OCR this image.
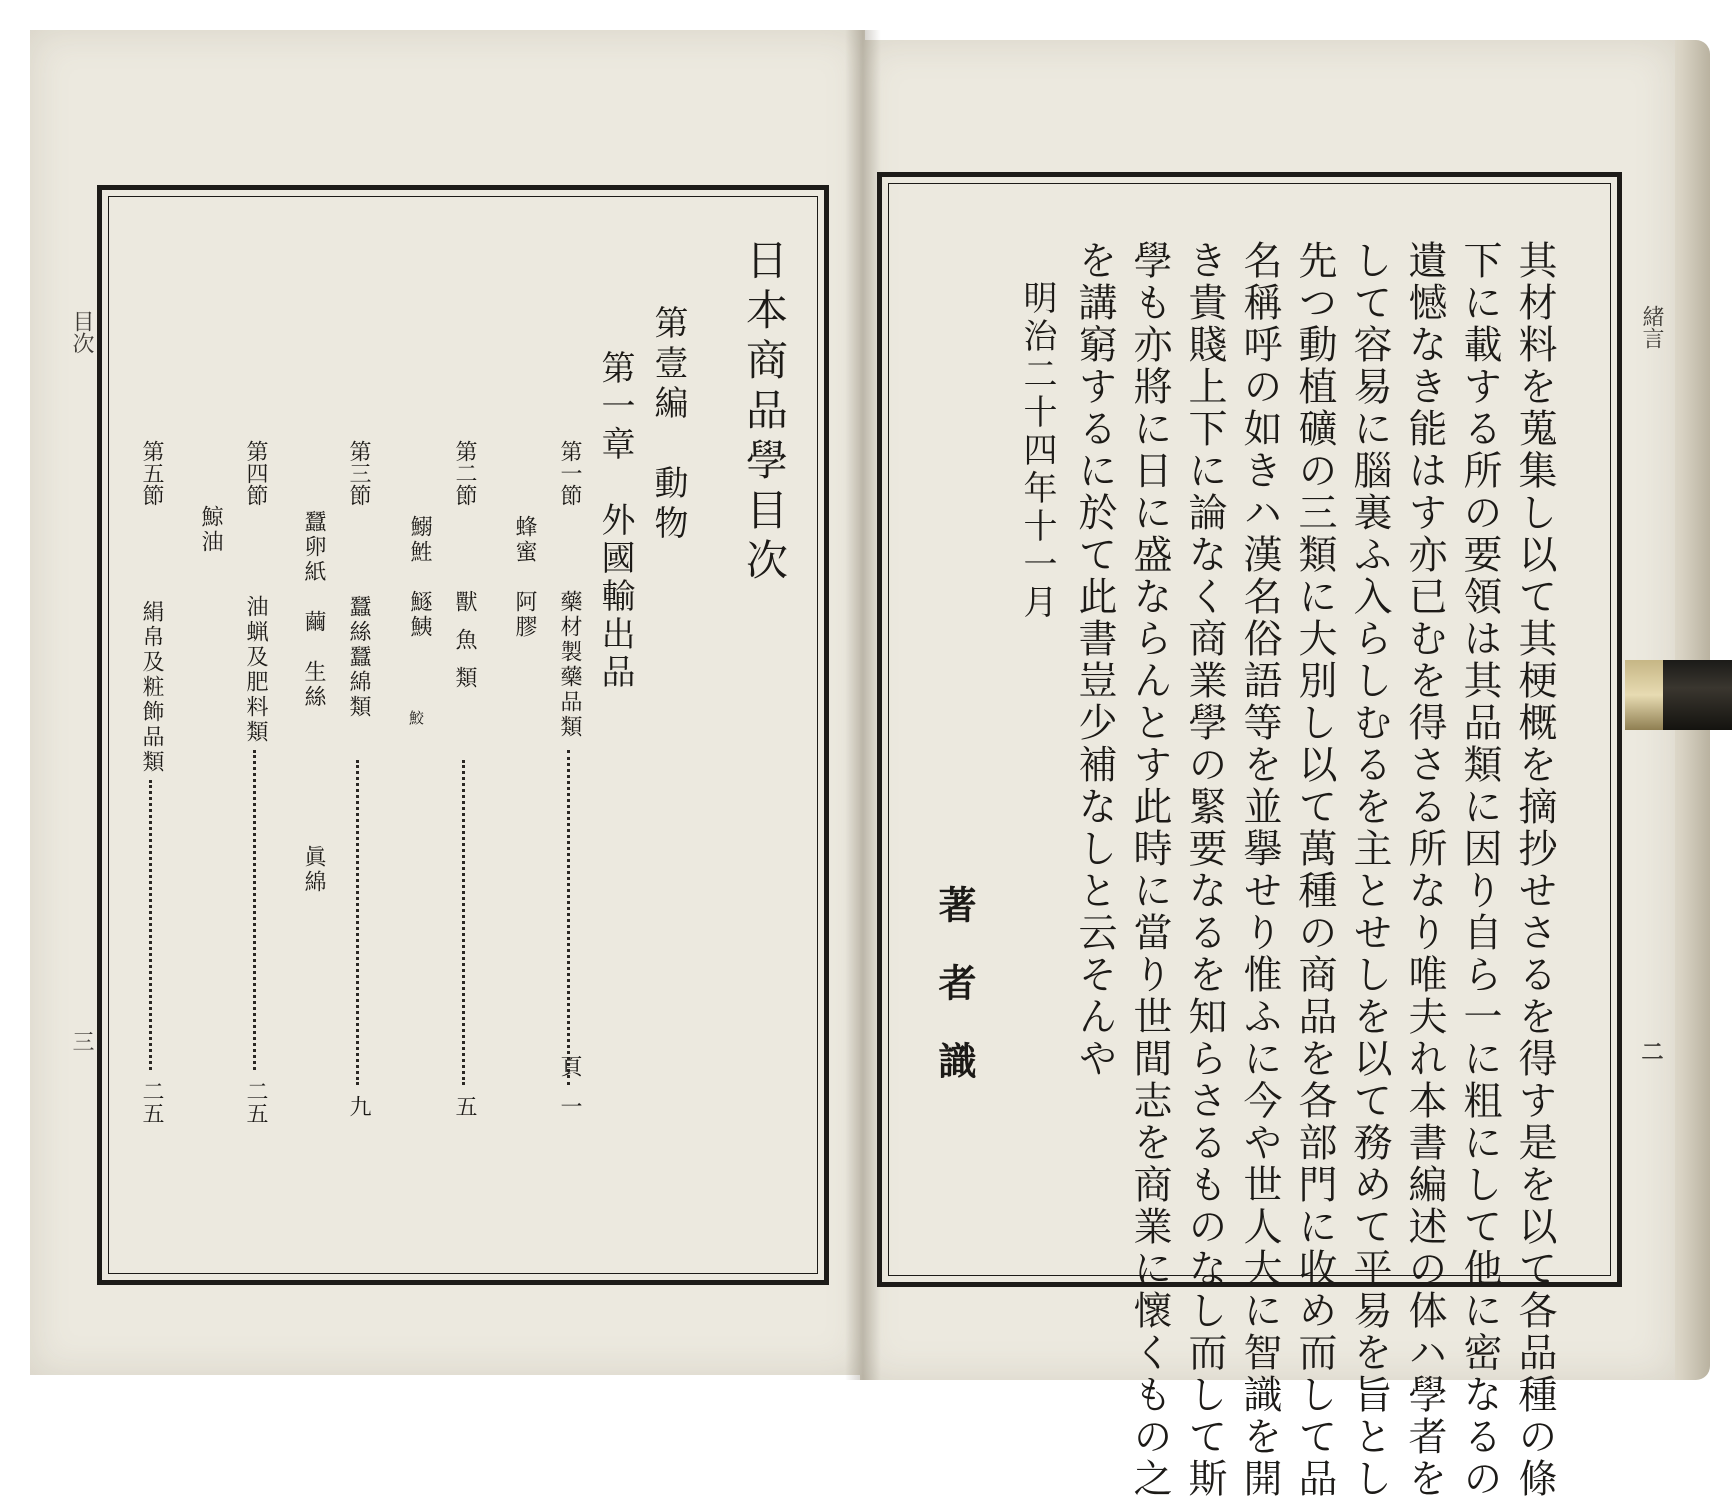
目次
三
日本商品學目次
第壹編　動物
第一章　外國輸出品
第一節
藥材製藥品類
蜂蜜　阿膠
頁
一
第二節
獸魚類
鰯鮏　鱁鮧
鮫
五
第三節
蠶絲蠶綿類
蠶卵紙　繭　生絲
眞綿
九
第四節
油蝋及肥料類
鯨油
二五
第五節
絹帛及粧飾品類
二五
緒言
二
其材料を蒐集し以て其梗概を摘抄せさるを得す是を以て各品種の條
下に載する所の要領は其品類に因り自ら一に粗にして他に密なるの
遺憾なき能はす亦已むを得さる所なり唯夫れ本書編述の体ハ學者を
して容易に腦裏ふ入らしむるを主とせしを以て務めて平易を旨とし
先つ動植礦の三類に大別し以て萬種の商品を各部門に收め而して品
名稱呼の如きハ漢名俗語等を並擧せり惟ふに今や世人大に智識を開
き貴賤上下に論なく商業學の緊要なるを知らさるものなし而して斯
學も亦將に日に盛ならんとす此時に當り世間志を商業に懷くもの之
を講窮するに於て此書豈少補なしと云そんや
明治二十四年十一月
著者識
